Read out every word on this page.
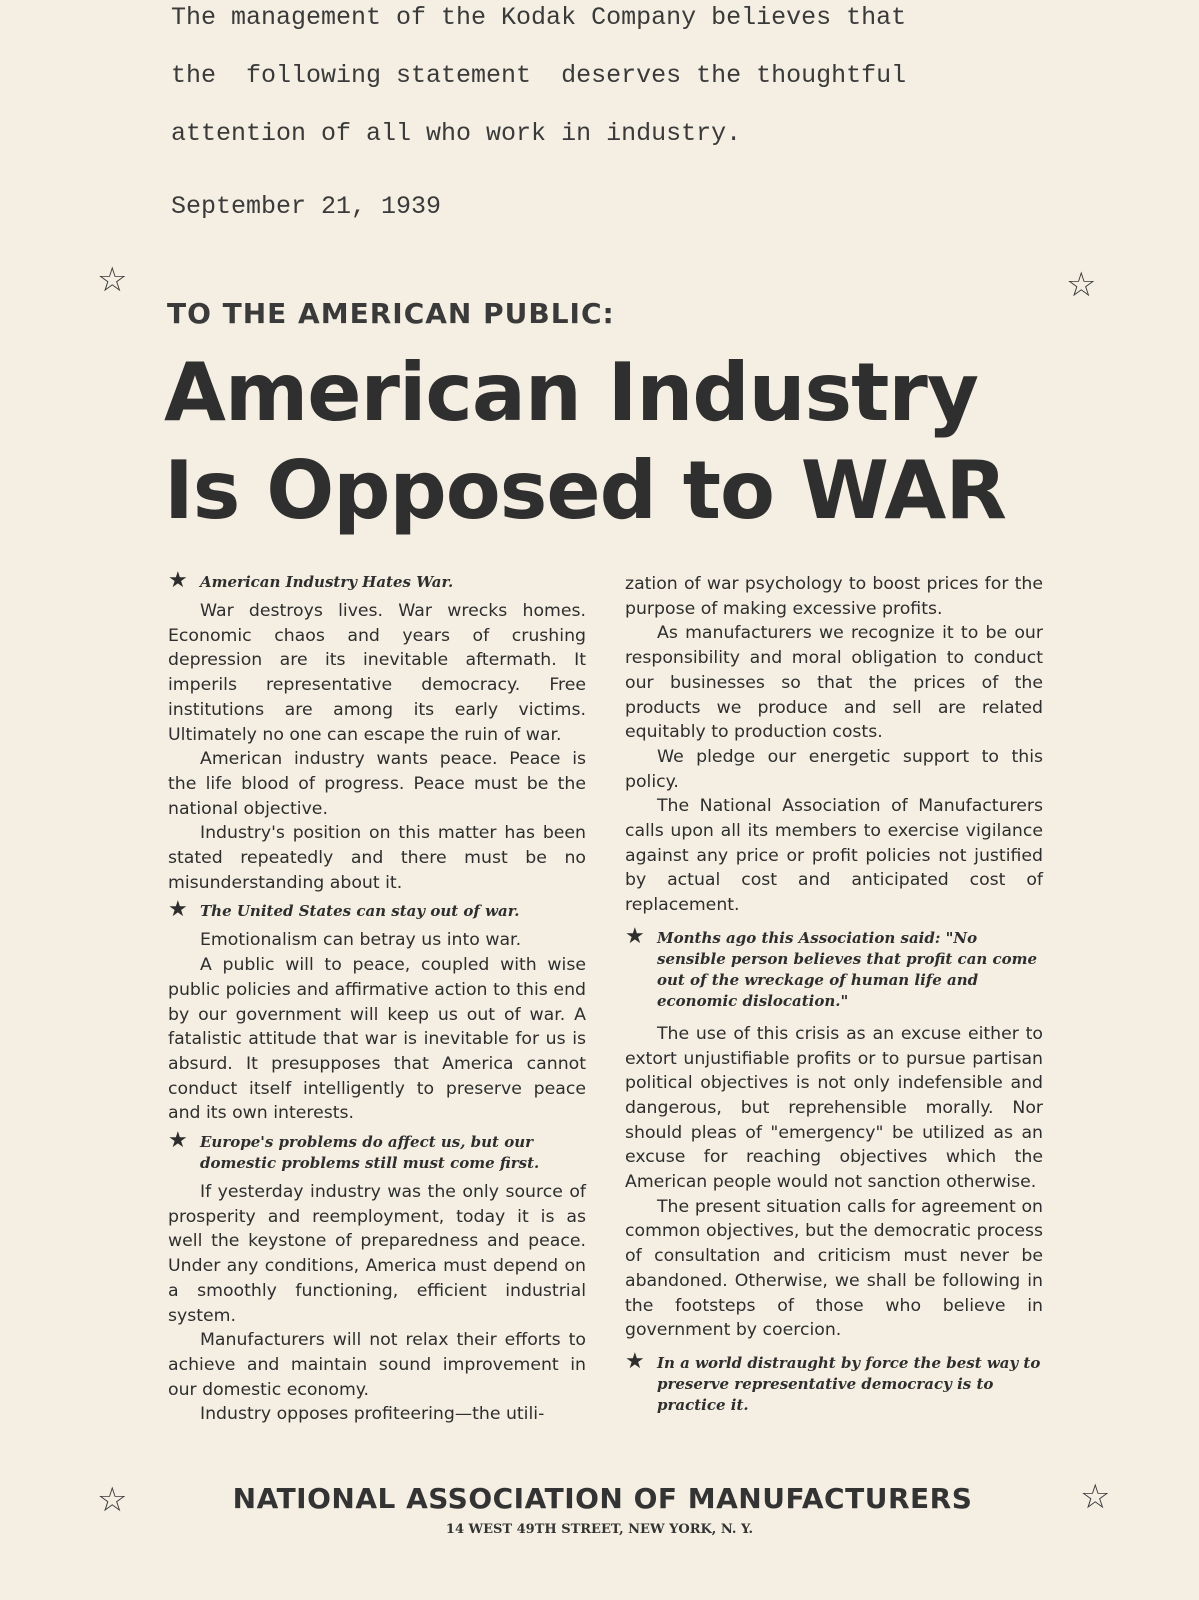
The management of the Kodak Company believes that
the  following statement  deserves the thoughtful
attention of all who work in industry.
September 21, 1939
☆	☆
☆	☆
TO THE AMERICAN PUBLIC:
American Industry
Is Opposed to WAR
★ American Industry Hates War.

War destroys lives. War wrecks homes. Economic chaos and years of crushing depression are its inevitable aftermath. It imperils representative democracy. Free institutions are among its early victims. Ultimately no one can escape the ruin of war.

American industry wants peace. Peace is the life blood of progress. Peace must be the national objective.

Industry's position on this matter has been stated repeatedly and there must be no misunderstanding about it.

★ The United States can stay out of war.

Emotionalism can betray us into war.

A public will to peace, coupled with wise public policies and affirmative action to this end by our government will keep us out of war. A fatalistic attitude that war is inevitable for us is absurd. It presupposes that America cannot conduct itself intelligently to preserve peace and its own interests.

★ Europe's problems do affect us, but our domestic problems still must come first.

If yesterday industry was the only source of prosperity and reemployment, today it is as well the keystone of preparedness and peace. Under any conditions, America must depend on a smoothly functioning, efficient industrial system.

Manufacturers will not relax their efforts to achieve and maintain sound improvement in our domestic economy.

Industry opposes profiteering—the utili-

zation of war psychology to boost prices for the purpose of making excessive profits.

As manufacturers we recognize it to be our responsibility and moral obligation to conduct our businesses so that the prices of the products we produce and sell are related equitably to production costs.

We pledge our energetic support to this policy.

The National Association of Manufacturers calls upon all its members to exercise vigilance against any price or profit policies not justified by actual cost and anticipated cost of replacement.

★ Months ago this Association said: "No sensible person believes that profit can come out of the wreckage of human life and economic dislocation."

The use of this crisis as an excuse either to extort unjustifiable profits or to pursue partisan political objectives is not only indefensible and dangerous, but reprehensible morally. Nor should pleas of "emergency" be utilized as an excuse for reaching objectives which the American people would not sanction otherwise.

The present situation calls for agreement on common objectives, but the democratic process of consultation and criticism must never be abandoned. Otherwise, we shall be following in the footsteps of those who believe in government by coercion.

★ In a world distraught by force the best way to preserve representative democracy is to practice it.
NATIONAL ASSOCIATION OF MANUFACTURERS
14 WEST 49TH STREET, NEW YORK, N. Y.
